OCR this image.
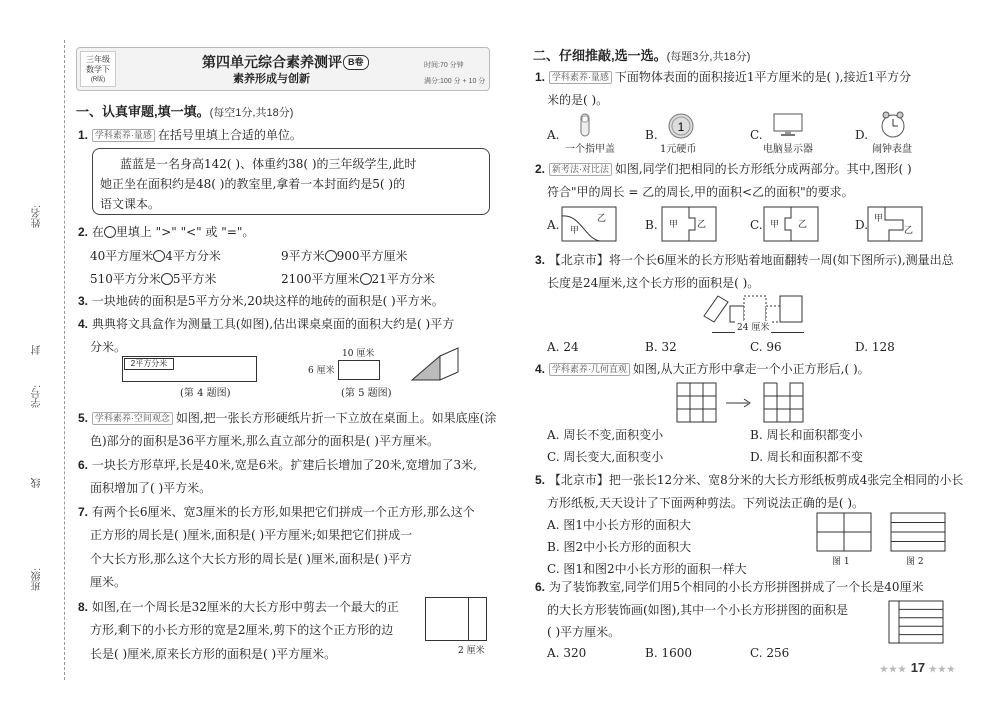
姓名:
封
学号:
线
班级:
三年级
数学下
(R版)
第四单元综合素养测评 B卷
素养形成与创新
时间:70 分钟
满分:100 分 + 10 分
一、认真审题,填一填。(每空1分,共18分)
1. 学科素养·量感 在括号里填上合适的单位。
蓝蓝是一名身高142( )、体重约38( )的三年级学生,此时
她正坐在面积约是48( )的教室里,拿着一本封面约是5( )的
语文课本。
2. 在 里填上 ">" "<" 或 "="。
40平方厘米 4平方分米	9平方米 900平方厘米
510平方分米 5平方米	2100平方厘米 21平方分米
3. 一块地砖的面积是5平方分米,20块这样的地砖的面积是( )平方米。
4. 典典将文具盒作为测量工具(如图),估出课桌桌面的面积大约是( )平方
分米。
2平方分米
(第 4 题图)
10 厘米
6 厘米
(第 5 题图)
5. 学科素养·空间观念 如图,把一张长方形硬纸片折一下立放在桌面上。如果底座(涂
色)部分的面积是36平方厘米,那么直立部分的面积是( )平方厘米。
6. 一块长方形草坪,长是40米,宽是6米。扩建后长增加了20米,宽增加了3米,
面积增加了( )平方米。
7. 有两个长6厘米、宽3厘米的长方形,如果把它们拼成一个正方形,那么这个
正方形的周长是( )厘米,面积是( )平方厘米;如果把它们拼成一
个大长方形,那么这个大长方形的周长是( )厘米,面积是( )平方
厘米。
8. 如图,在一个周长是32厘米的大长方形中剪去一个最大的正
方形,剩下的小长方形的宽是2厘米,剪下的这个正方形的边
长是( )厘米,原来长方形的面积是( )平方厘米。	2 厘米
二、仔细推敲,选一选。(每题3分,共18分)
1. 学科素养·量感 下面物体表面的面积接近1平方厘米的是( ),接近1平方分
米的是( )。
1
A.
一个指甲盖
B.
1元硬币
C.
电脑显示器
D.
闹钟表盘
2. 新考法·对比法 如图,同学们把相同的长方形纸分成两部分。其中,图形( )
符合"甲的周长 = 乙的周长,甲的面积<乙的面积"的要求。
A. 甲
乙	B. 甲 乙	C. 甲 乙	D. 甲
乙
3. 【北京市】将一个长6厘米的长方形贴着地面翻转一周(如下图所示),测量出总
长度是24厘米,这个长方形的面积是( )。
24 厘米
A. 24	B. 32	C. 96	D. 128
4. 学科素养·几何直观 如图,从大正方形中拿走一个小正方形后,( )。
A. 周长不变,面积变小	B. 周长和面积都变小
C. 周长变大,面积变小	D. 周长和面积都不变
5. 【北京市】把一张长12分米、宽8分米的大长方形纸板剪成4张完全相同的小长
方形纸板,天天设计了下面两种剪法。下列说法正确的是( )。
A. 图1中小长方形的面积大
B. 图2中小长方形的面积大
C. 图1和图2中小长方形的面积一样大	图 1	图 2
6. 为了装饰教室,同学们用5个相同的小长方形拼图拼成了一个长是40厘米
的大长方形装饰画(如图),其中一个小长方形拼图的面积是
( )平方厘米。
A. 320	B. 1600	C. 256
★★★ 17 ★★★
